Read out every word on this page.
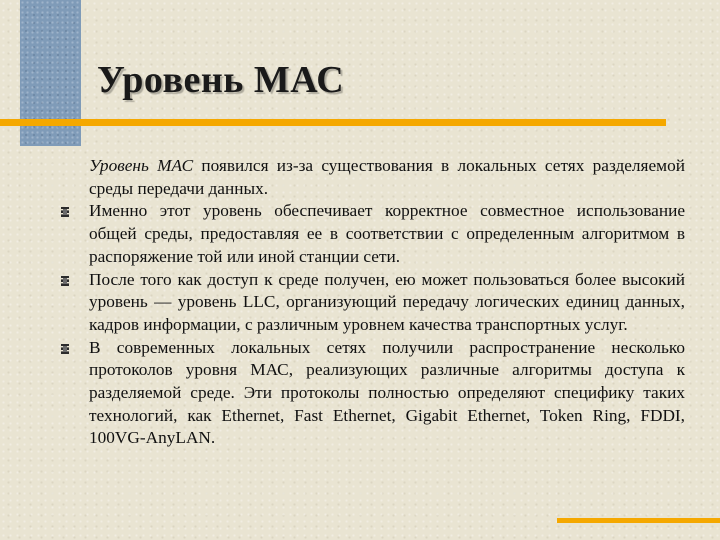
Уровень МАС

Уровень МАС появился из-за существования в локальных сетях разделяемой среды передачи данных.

Именно этот уровень обеспечивает корректное совместное использование общей среды, предоставляя ее в соответствии с определенным алгоритмом в распоряжение той или иной станции сети.

После того как доступ к среде получен, ею может пользоваться более высокий уровень — уровень LLC, организующий передачу логических единиц данных, кадров информации, с различным уровнем качества транспортных услуг.

В современных локальных сетях получили распространение несколько протоколов уровня МАС, реализующих различные алгоритмы доступа к разделяемой среде. Эти протоколы полностью определяют специфику таких технологий, как Ethernet, Fast Ethernet, Gigabit Ethernet, Token Ring, FDDI, 100VG-AnyLAN.
